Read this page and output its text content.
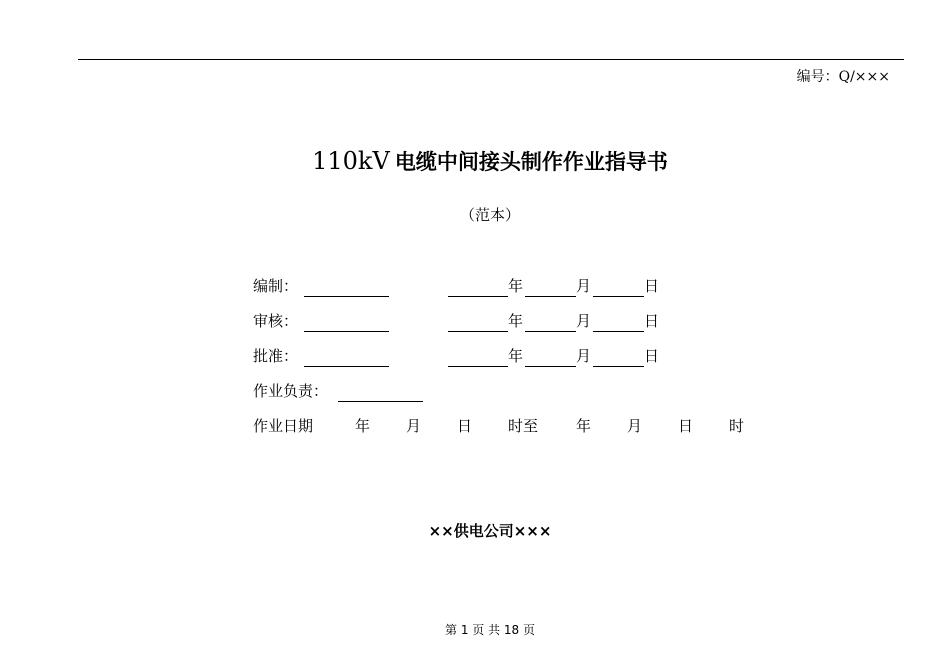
编号：Q/×××
110kV 电缆中间接头制作作业指导书
（范本）
编制：	年	月	日
审核：	年	月	日
批准：	年	月	日
作业负责：
作业日期	年 月 日 时至	年 月 日 时
××供电公司×××
第 1 页 共 18 页
